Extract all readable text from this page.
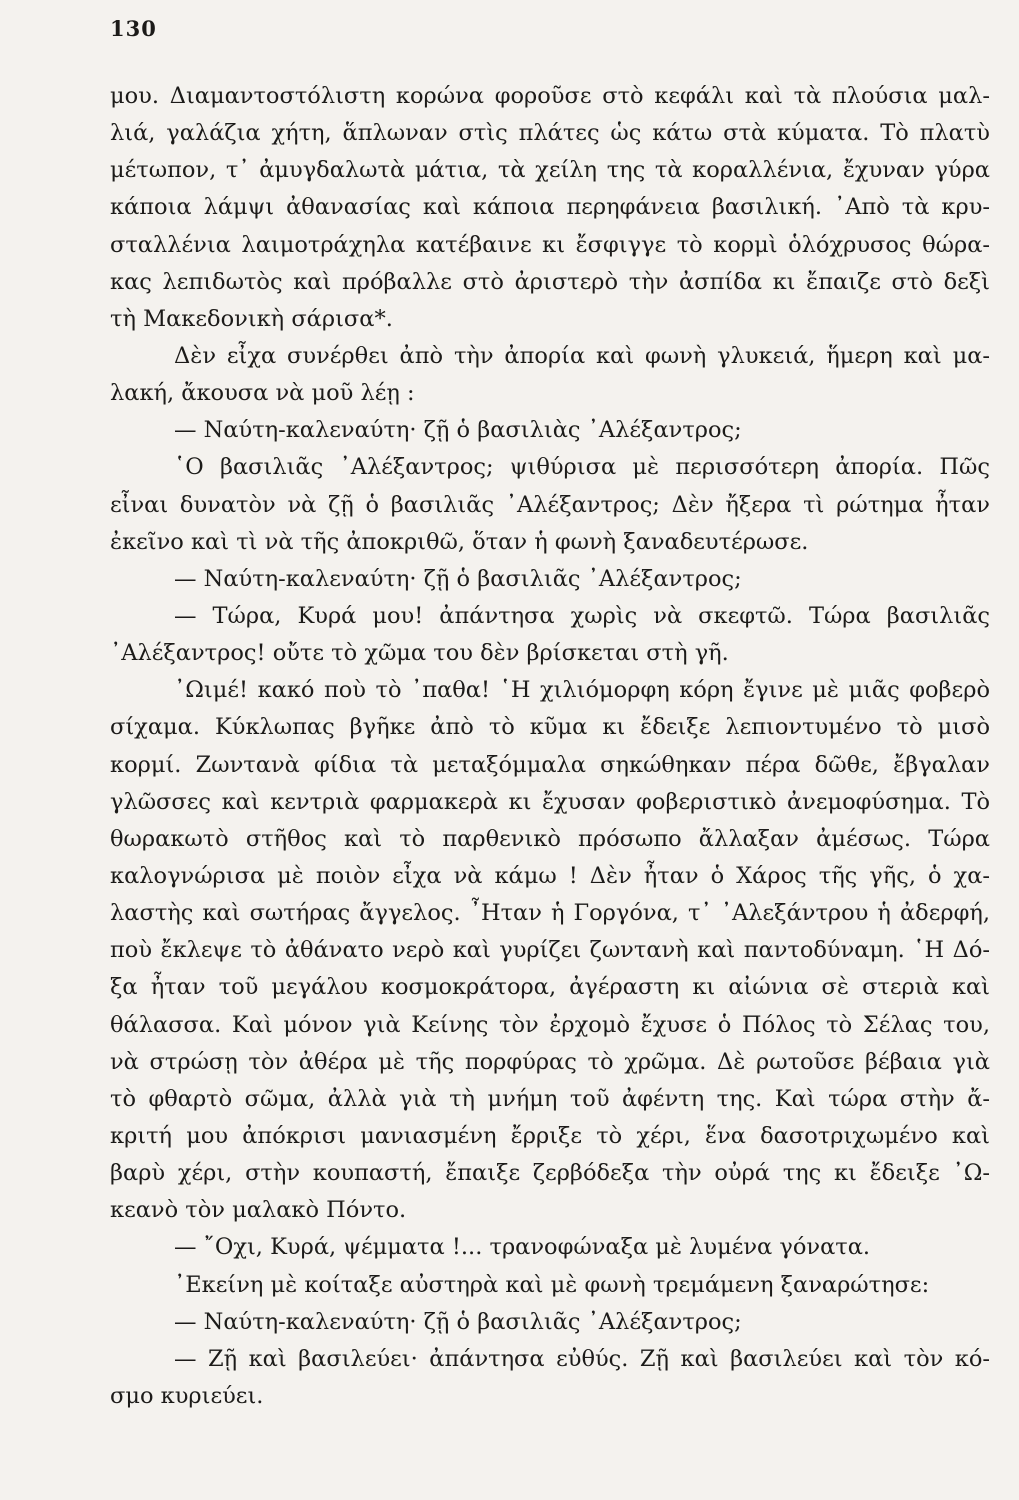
130
μου. Διαμαντοστόλιστη κορώνα φοροῦσε στὸ κεφάλι καὶ τὰ πλούσια μαλ-
λιά, γαλάζια χήτη, ἅπλωναν στὶς πλάτες ὡς κάτω στὰ κύματα. Τὸ πλατὺ
μέτωπον, τ᾿ ἀμυγδαλωτὰ μάτια, τὰ χείλη της τὰ κοραλλένια, ἔχυναν γύρα
κάποια λάμψι ἀθανασίας καὶ κάποια περηφάνεια βασιλική. ᾿Απὸ τὰ κρυ-
σταλλένια λαιμοτράχηλα κατέβαινε κι ἔσφιγγε τὸ κορμὶ ὁλόχρυσος θώρα-
κας λεπιδωτὸς καὶ πρόβαλλε στὸ ἀριστερὸ τὴν ἀσπίδα κι ἔπαιζε στὸ δεξὶ
τὴ Μακεδονικὴ σάρισα*.
Δὲν εἶχα συνέρθει ἀπὸ τὴν ἀπορία καὶ φωνὴ γλυκειά, ἥμερη καὶ μα-
λακή, ἄκουσα νὰ μοῦ λέῃ :
— Ναύτη-καλεναύτη· ζῇ ὁ βασιλιὰς ᾿Αλέξαντρος;
῾Ο βασιλιᾶς ᾿Αλέξαντρος; ψιθύρισα μὲ περισσότερη ἀπορία. Πῶς
εἶναι δυνατὸν νὰ ζῇ ὁ βασιλιᾶς ᾿Αλέξαντρος; Δὲν ἤξερα τὶ ρώτημα ἦταν
ἐκεῖνο καὶ τὶ νὰ τῆς ἀποκριθῶ, ὅταν ἡ φωνὴ ξαναδευτέρωσε.
— Ναύτη-καλεναύτη· ζῇ ὁ βασιλιᾶς ᾿Αλέξαντρος;
— Τώρα, Κυρά μου! ἀπάντησα χωρὶς νὰ σκεφτῶ. Τώρα βασιλιᾶς
᾿Αλέξαντρος! οὔτε τὸ χῶμα του δὲν βρίσκεται στὴ γῆ.
᾿Ωιμέ! κακό ποὺ τὸ ᾿παθα! ῾Η χιλιόμορφη κόρη ἔγινε μὲ μιᾶς φοβερὸ
σίχαμα. Κύκλωπας βγῆκε ἀπὸ τὸ κῦμα κι ἔδειξε λεπιοντυμένο τὸ μισὸ
κορμί. Ζωντανὰ φίδια τὰ μεταξόμμαλα σηκώθηκαν πέρα δῶθε, ἔβγαλαν
γλῶσσες καὶ κεντριὰ φαρμακερὰ κι ἔχυσαν φοβεριστικὸ ἀνεμοφύσημα. Τὸ
θωρακωτὸ στῆθος καὶ τὸ παρθενικὸ πρόσωπο ἄλλαξαν ἀμέσως. Τώρα
καλογνώρισα μὲ ποιὸν εἶχα νὰ κάμω ! Δὲν ἦταν ὁ Χάρος τῆς γῆς, ὁ χα-
λαστὴς καὶ σωτήρας ἄγγελος. ῏Ηταν ἡ Γοργόνα, τ᾿ ᾿Αλεξάντρου ἡ ἀδερφή,
ποὺ ἔκλεψε τὸ ἀθάνατο νερὸ καὶ γυρίζει ζωντανὴ καὶ παντοδύναμη. ῾Η Δό-
ξα ἦταν τοῦ μεγάλου κοσμοκράτορα, ἀγέραστη κι αἰώνια σὲ στεριὰ καὶ
θάλασσα. Καὶ μόνον γιὰ Κείνης τὸν ἐρχομὸ ἔχυσε ὁ Πόλος τὸ Σέλας του,
νὰ στρώσῃ τὸν ἀθέρα μὲ τῆς πορφύρας τὸ χρῶμα. Δὲ ρωτοῦσε βέβαια γιὰ
τὸ φθαρτὸ σῶμα, ἀλλὰ γιὰ τὴ μνήμη τοῦ ἀφέντη της. Καὶ τώρα στὴν ἄ-
κριτή μου ἀπόκρισι μανιασμένη ἔρριξε τὸ χέρι, ἕνα δασοτριχωμένο καὶ
βαρὺ χέρι, στὴν κουπαστή, ἔπαιξε ζερβόδεξα τὴν οὐρά της κι ἔδειξε ᾿Ω-
κεανὸ τὸν μαλακὸ Πόντο.
— ῎Οχι, Κυρά, ψέμματα !... τρανοφώναξα μὲ λυμένα γόνατα.
᾿Εκείνη μὲ κοίταξε αὐστηρὰ καὶ μὲ φωνὴ τρεμάμενη ξαναρώτησε:
— Ναύτη-καλεναύτη· ζῇ ὁ βασιλιᾶς ᾿Αλέξαντρος;
— Ζῇ καὶ βασιλεύει· ἀπάντησα εὐθύς. Ζῇ καὶ βασιλεύει καὶ τὸν κό-
σμο κυριεύει.
